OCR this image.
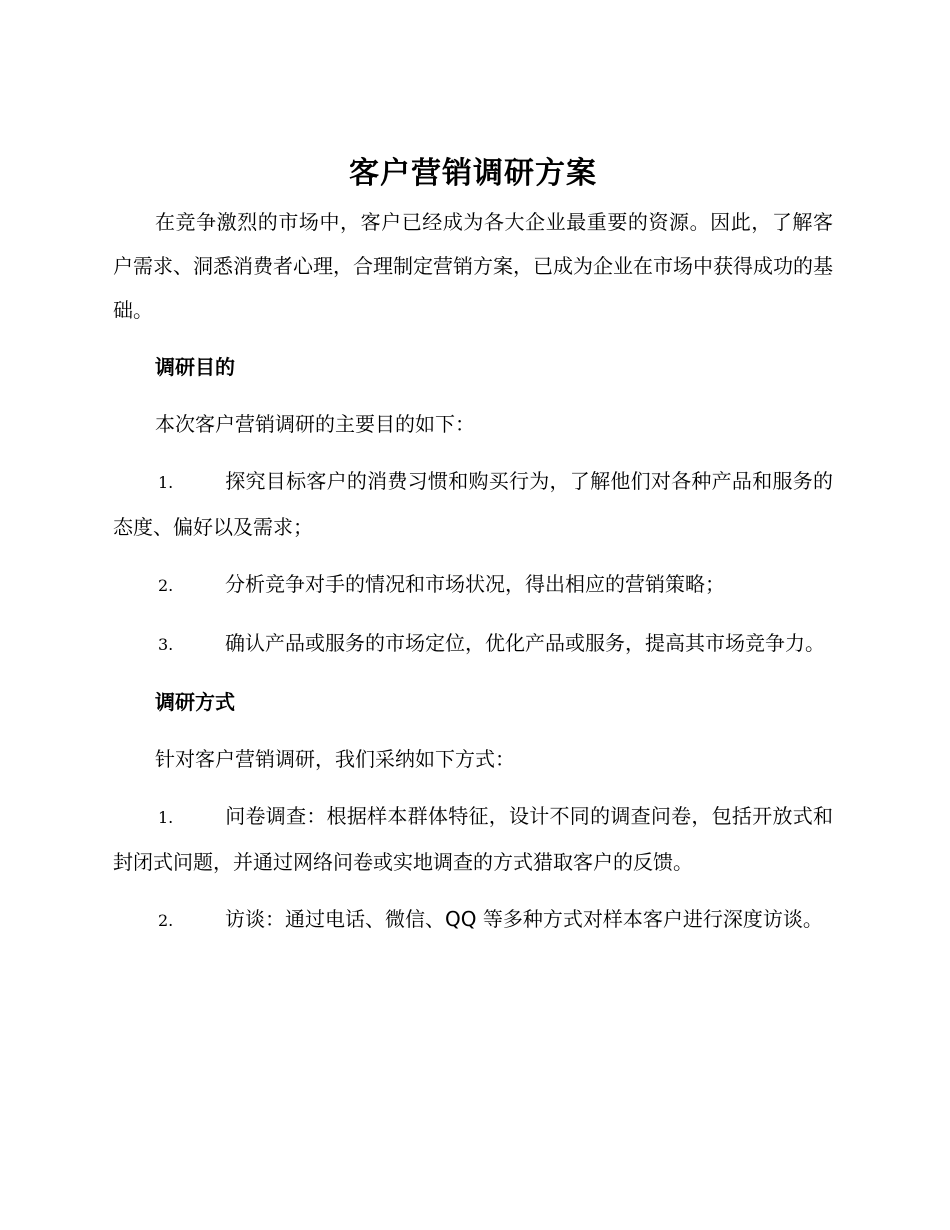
客户营销调研方案

在竞争激烈的市场中，客户已经成为各大企业最重要的资源。因此，了解客户需求、洞悉消费者心理，合理制定营销方案，已成为企业在市场中获得成功的基础。

调研目的

本次客户营销调研的主要目的如下：

1.	探究目标客户的消费习惯和购买行为，了解他们对各种产品和服务的态度、偏好以及需求；

2.	分析竞争对手的情况和市场状况，得出相应的营销策略；

3.	确认产品或服务的市场定位，优化产品或服务，提高其市场竞争力。

调研方式

针对客户营销调研，我们采纳如下方式：

1.	问卷调查：根据样本群体特征，设计不同的调查问卷，包括开放式和封闭式问题，并通过网络问卷或实地调查的方式猎取客户的反馈。

2.	访谈：通过电话、微信、QQ 等多种方式对样本客户进行深度访谈。
